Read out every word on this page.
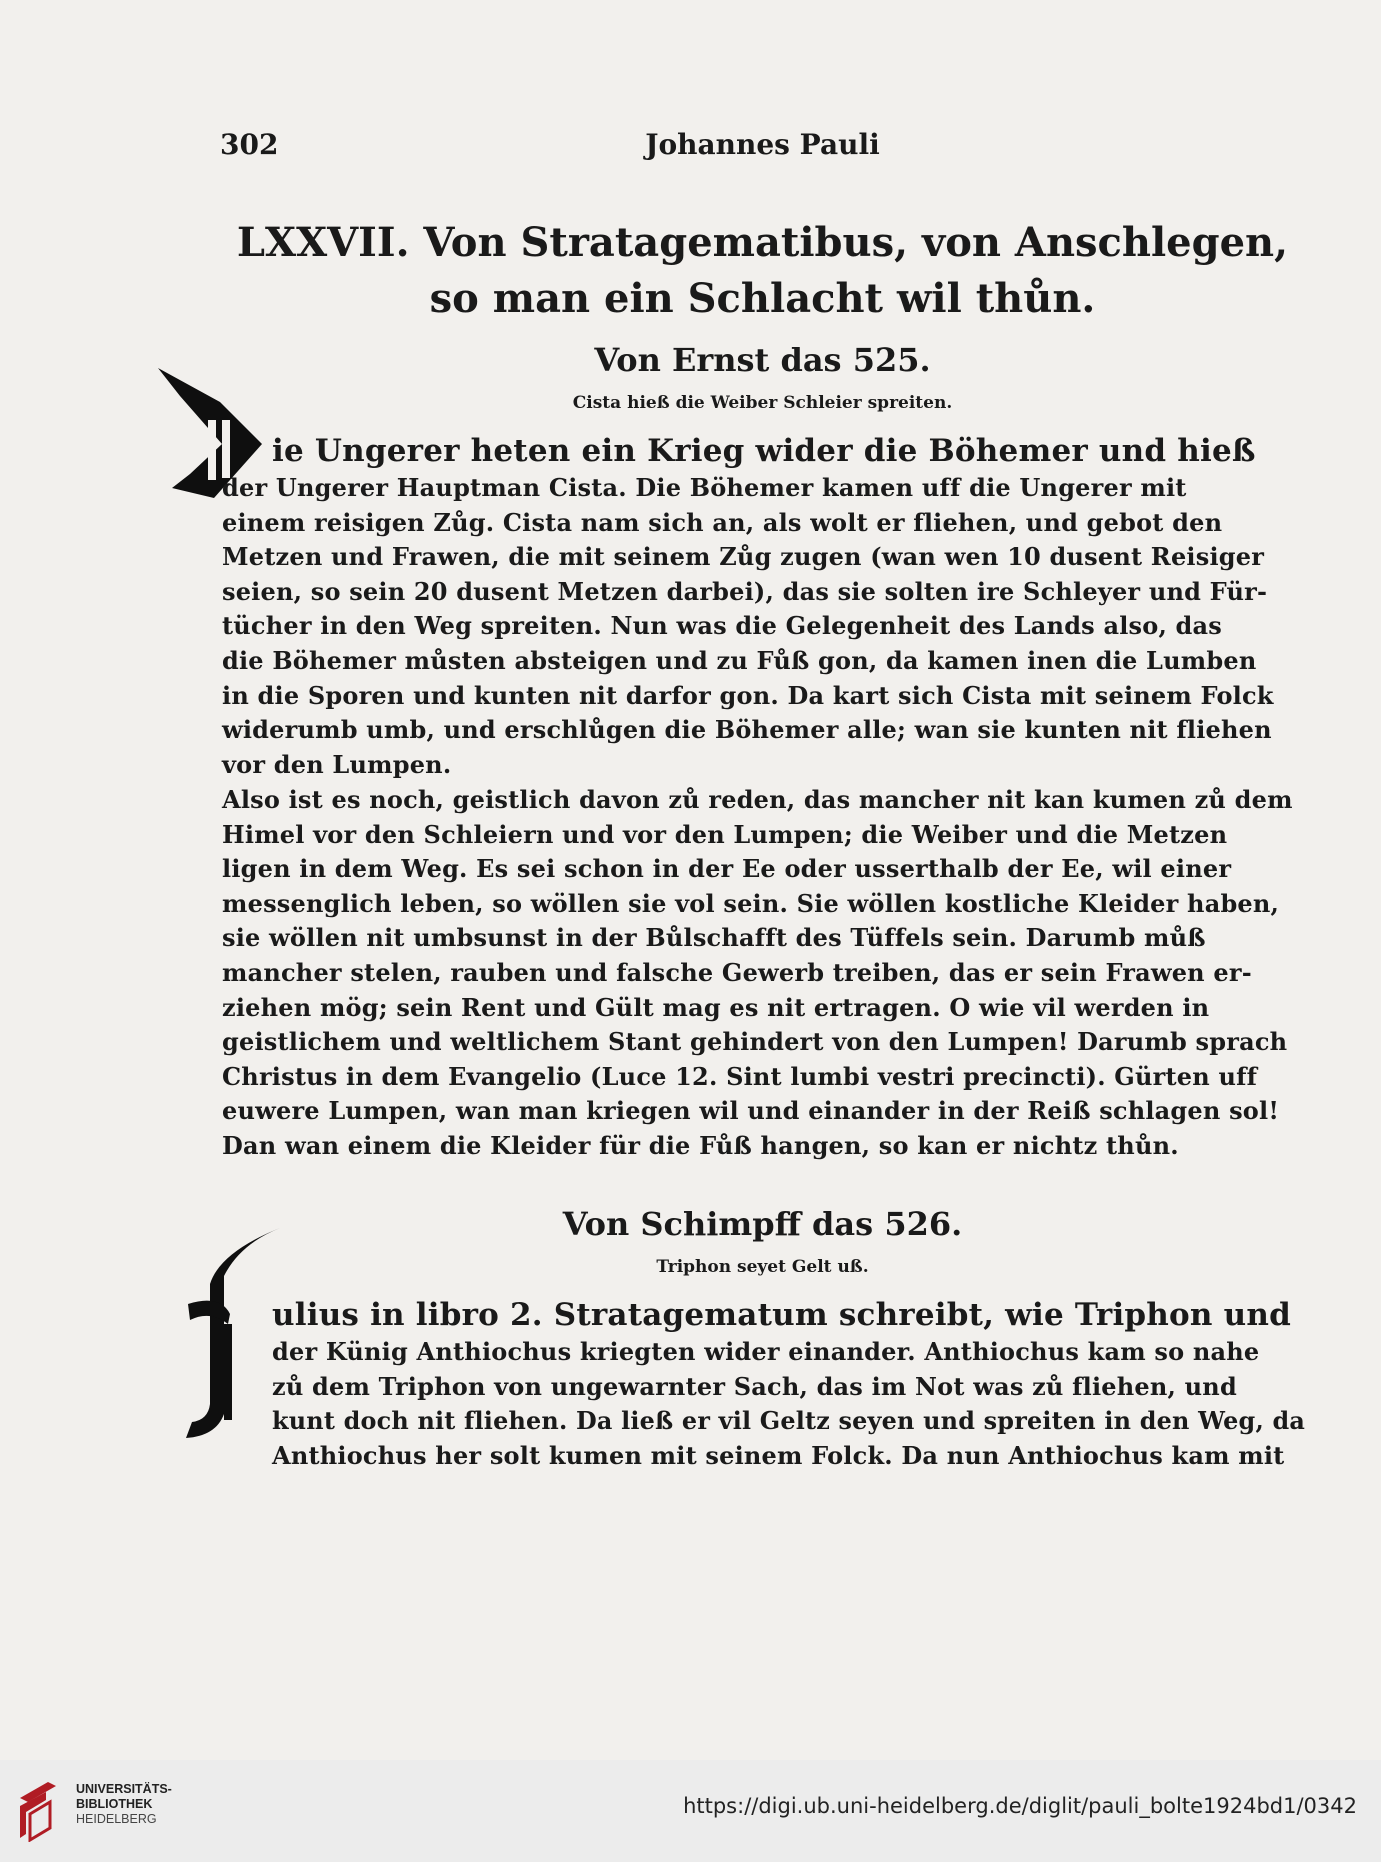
302	Johannes Pauli
LXXVII. Von Stratagematibus, von Anschlegen,
so man ein Schlacht wil thůn.
Von Ernst das 525.
Cista hieß die Weiber Schleier spreiten.
ie Ungerer heten ein Krieg wider die Böhemer und hieß
der Ungerer Hauptman Cista. Die Böhemer kamen uff die Ungerer mit
einem reisigen Zůg. Cista nam sich an, als wolt er fliehen, und gebot den
Metzen und Frawen, die mit seinem Zůg zugen (wan wen 10 dusent Reisiger
seien, so sein 20 dusent Metzen darbei), das sie solten ire Schleyer und Für-
tücher in den Weg spreiten. Nun was die Gelegenheit des Lands also, das
die Böhemer můsten absteigen und zu Fůß gon, da kamen inen die Lumben
in die Sporen und kunten nit darfor gon. Da kart sich Cista mit seinem Folck
widerumb umb, und erschlůgen die Böhemer alle; wan sie kunten nit fliehen
vor den Lumpen.
Also ist es noch, geistlich davon zů reden, das mancher nit kan kumen zů dem
Himel vor den Schleiern und vor den Lumpen; die Weiber und die Metzen
ligen in dem Weg. Es sei schon in der Ee oder usserthalb der Ee, wil einer
messenglich leben, so wöllen sie vol sein. Sie wöllen kostliche Kleider haben,
sie wöllen nit umbsunst in der Bůlschafft des Tüffels sein. Darumb můß
mancher stelen, rauben und falsche Gewerb treiben, das er sein Frawen er-
ziehen mög; sein Rent und Gült mag es nit ertragen. O wie vil werden in
geistlichem und weltlichem Stant gehindert von den Lumpen! Darumb sprach
Christus in dem Evangelio (Luce 12. Sint lumbi vestri precincti). Gürten uff
euwere Lumpen, wan man kriegen wil und einander in der Reiß schlagen sol!
Dan wan einem die Kleider für die Fůß hangen, so kan er nichtz thůn.
Von Schimpff das 526.
Triphon seyet Gelt uß.
ulius in libro 2. Stratagematum schreibt, wie Triphon und
der Künig Anthiochus kriegten wider einander. Anthiochus kam so nahe
zů dem Triphon von ungewarnter Sach, das im Not was zů fliehen, und
kunt doch nit fliehen. Da ließ er vil Geltz seyen und spreiten in den Weg, da
Anthiochus her solt kumen mit seinem Folck. Da nun Anthiochus kam mit
UNIVERSITÄTS-
BIBLIOTHEK
HEIDELBERG
https://digi.ub.uni-heidelberg.de/diglit/pauli_bolte1924bd1/0342
